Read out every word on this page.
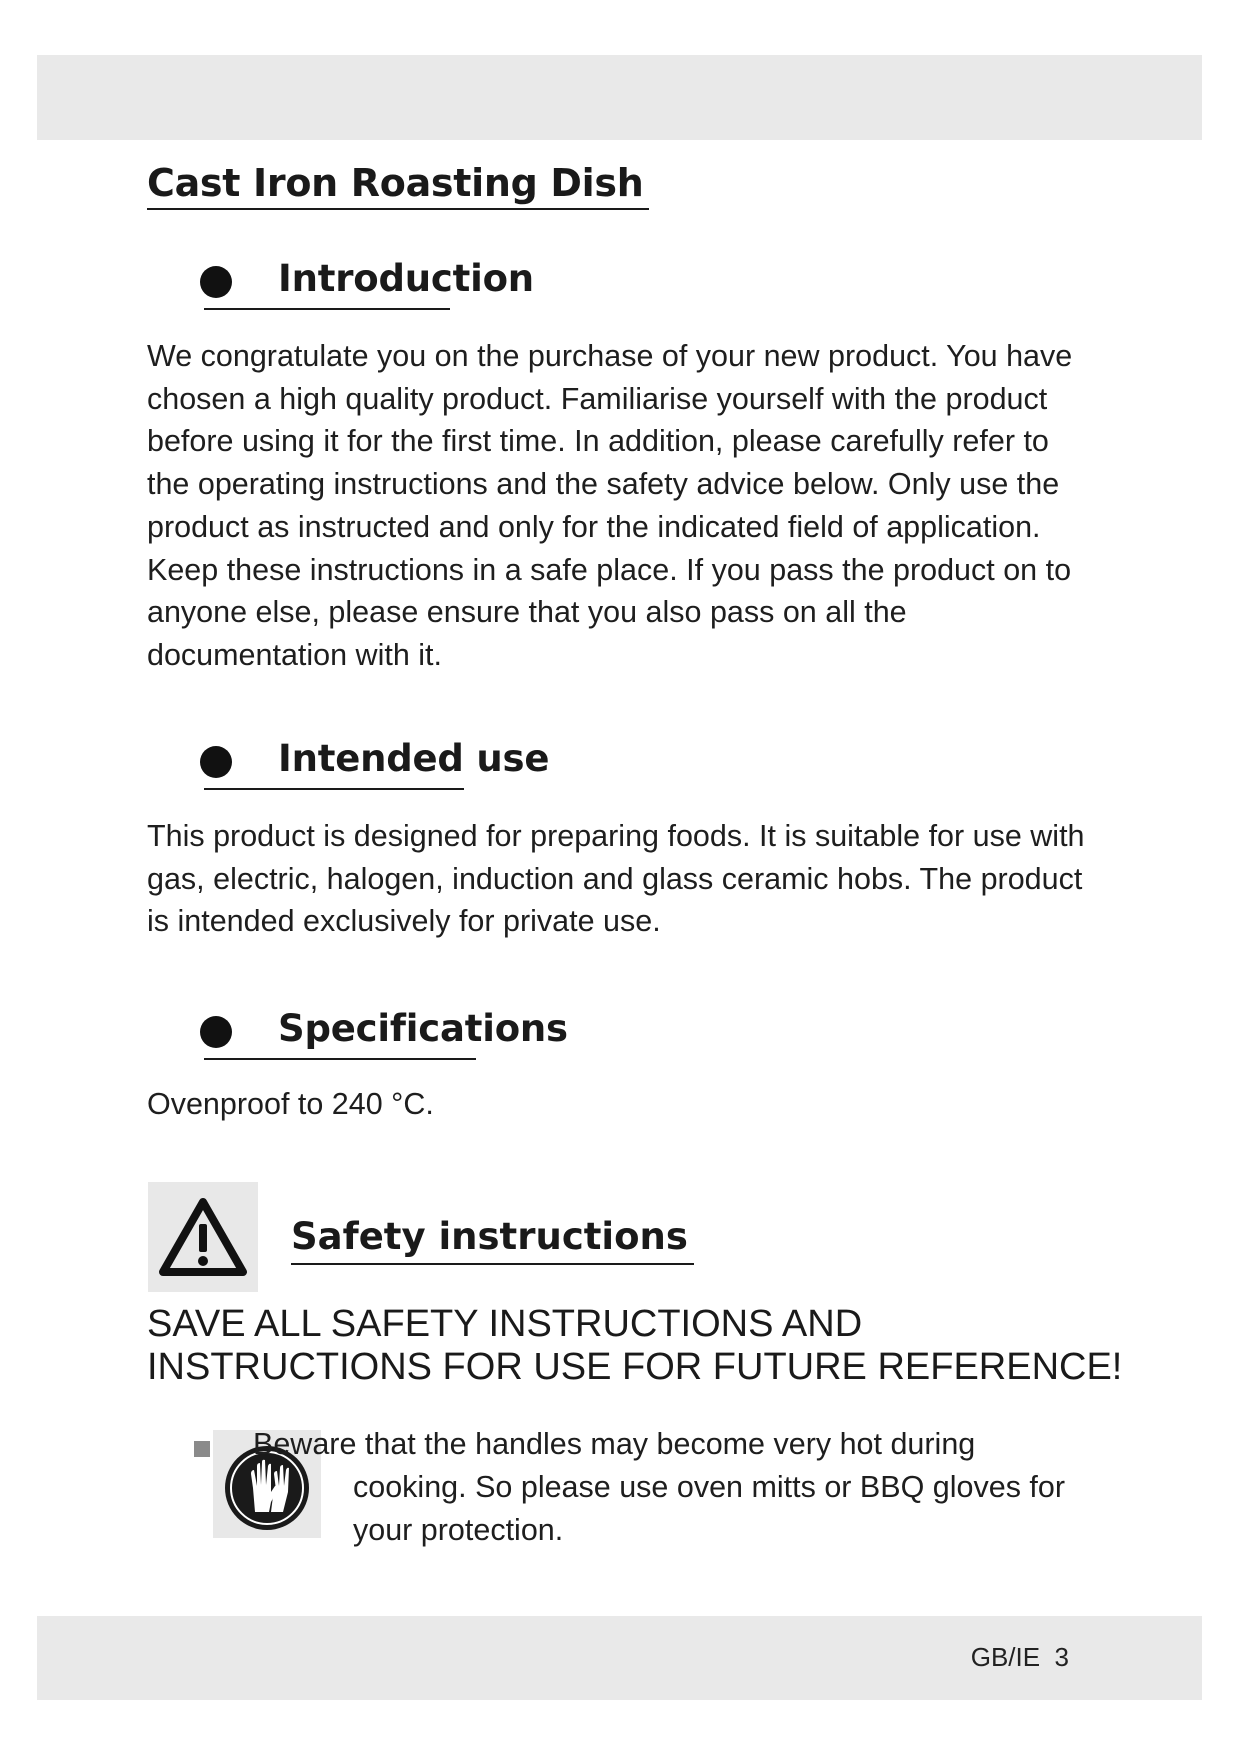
Cast Iron Roasting Dish
Introduction

We congratulate you on the purchase of your new product. You have chosen a high quality product. Familiarise yourself with the product before using it for the first time. In addition, please carefully refer to the operating instructions and the safety advice below. Only use the product as instructed and only for the indicated field of application. Keep these instructions in a safe place. If you pass the product on to anyone else, please ensure that you also pass on all the documentation with it.

Intended use

This product is designed for preparing foods. It is suitable for use with gas, electric, halogen, induction and glass ceramic hobs. The product is intended exclusively for private use.

Specifications

Ovenproof to 240 °C.

Safety instructions
SAVE ALL SAFETY INSTRUCTIONS AND
INSTRUCTIONS FOR USE FOR FUTURE REFERENCE!

Beware that the handles may become very hot during

cooking. So please use oven mitts or BBQ gloves for

your protection.

GB/IE 3
